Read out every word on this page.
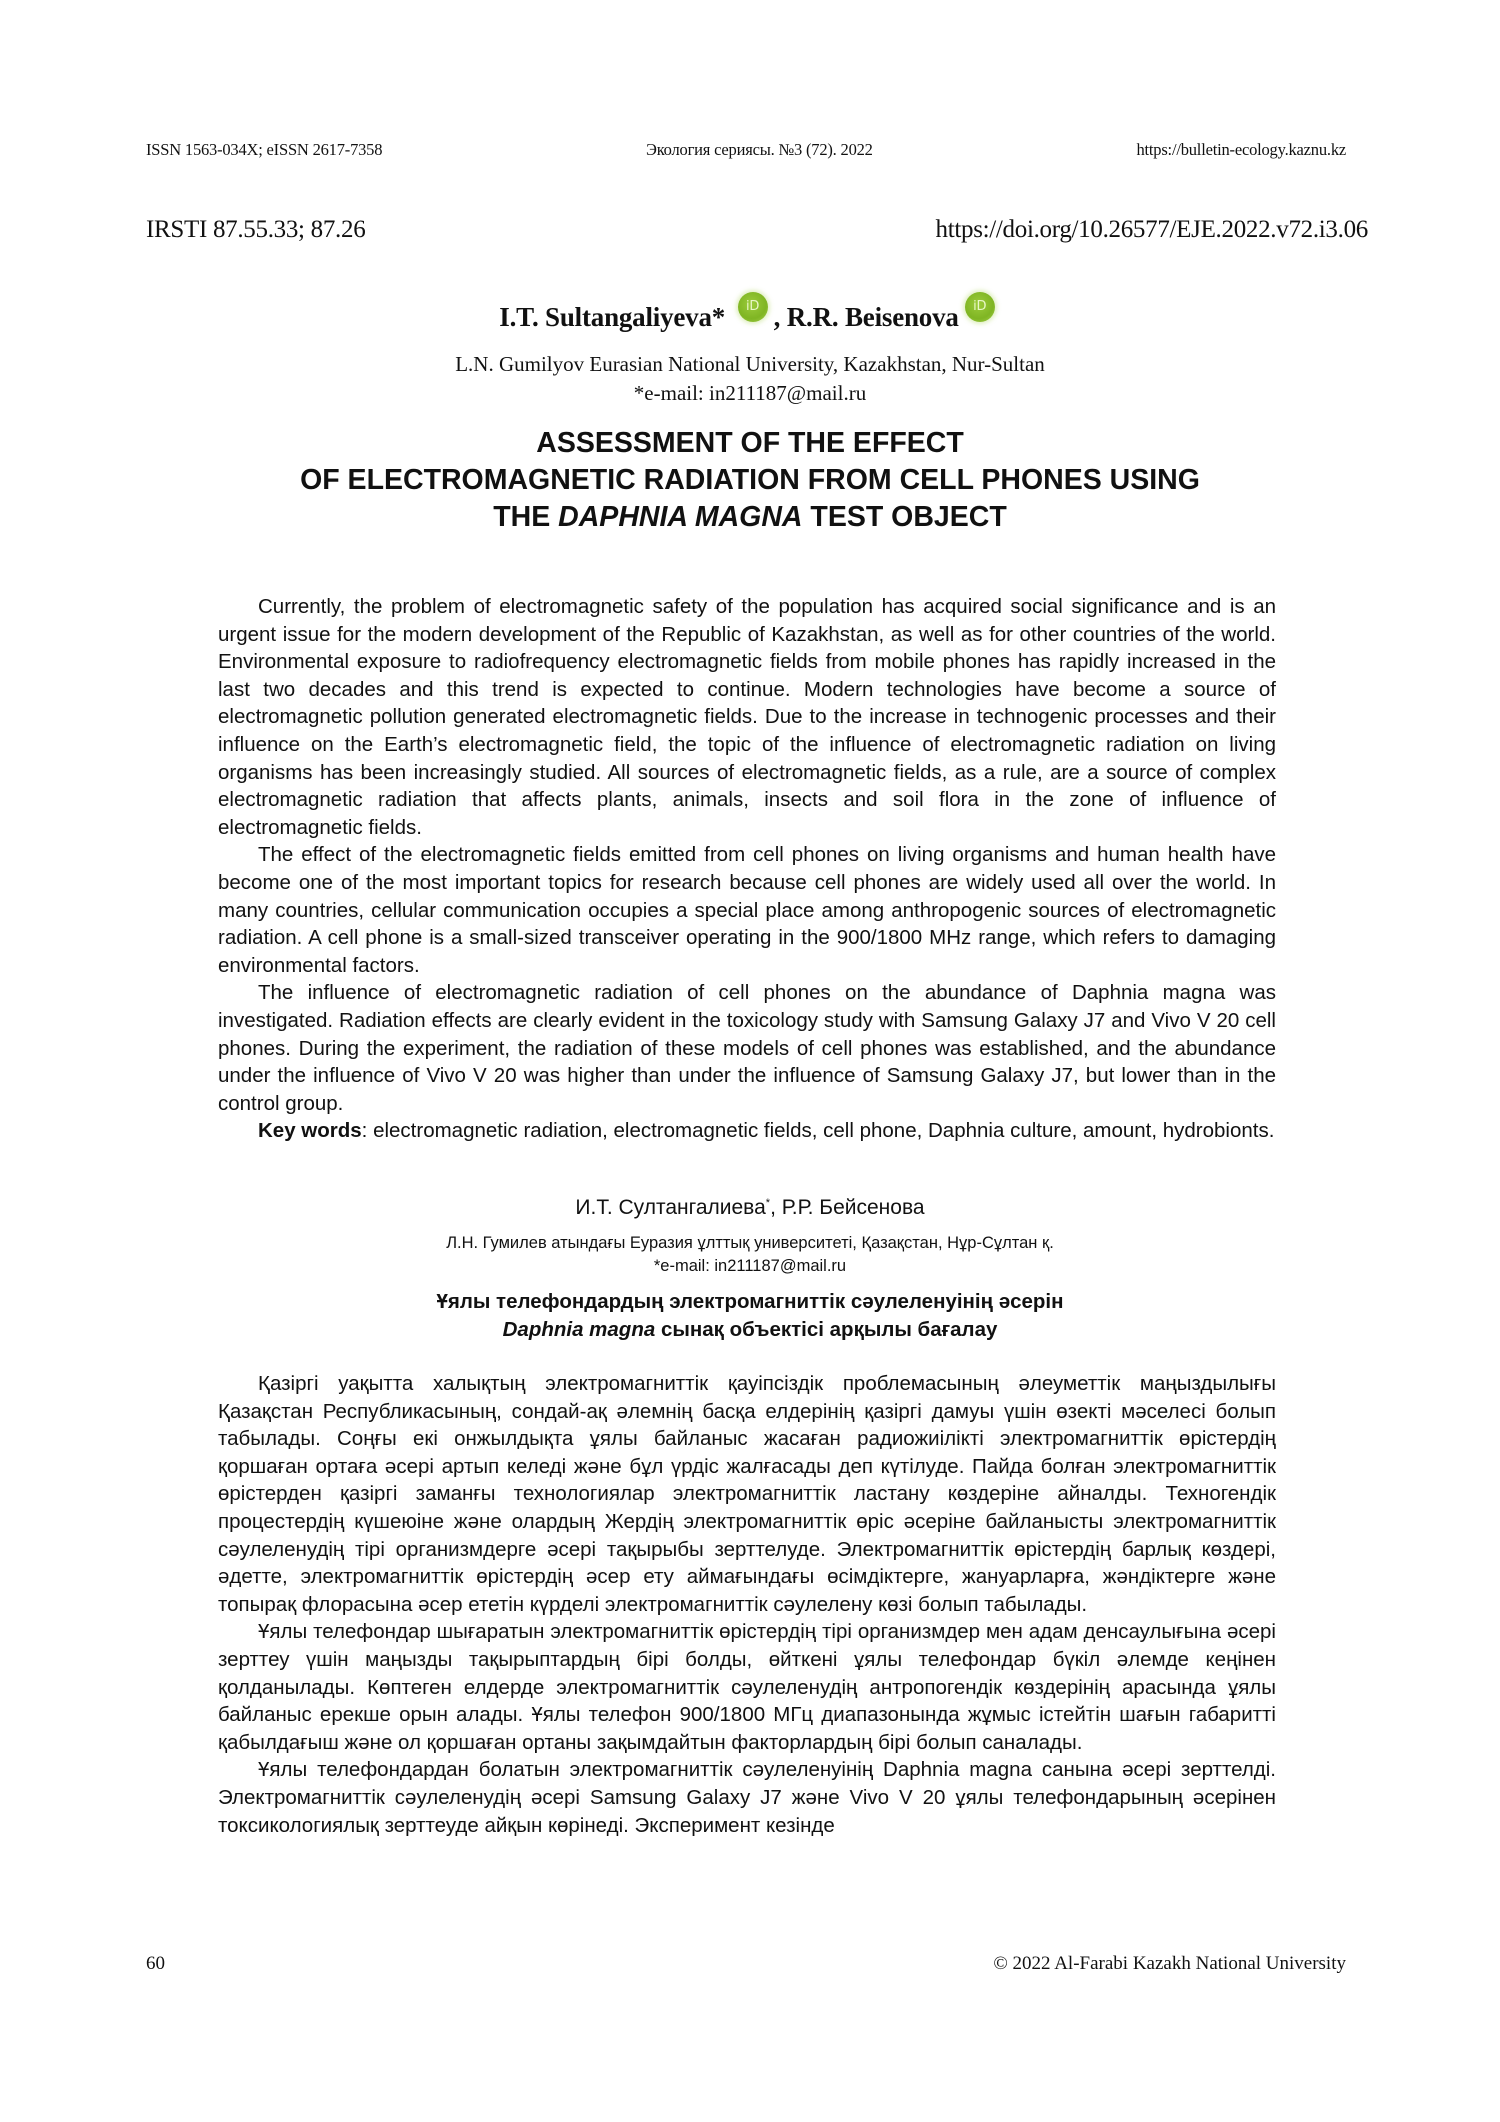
ISSN 1563-034X; eISSN 2617-7358	Экология сериясы. №3 (72). 2022	https://bulletin-ecology.kaznu.kz
IRSTI 87.55.33; 87.26	https://doi.org/10.26577/EJE.2022.v72.i3.06
I.T. Sultangaliyeva* iD , R.R. Beisenova iD
L.N. Gumilyov Eurasian National University, Kazakhstan, Nur-Sultan
*e-mail: in211187@mail.ru
ASSESSMENT OF THE EFFECT
OF ELECTROMAGNETIC RADIATION FROM CELL PHONES USING
THE DAPHNIA MAGNA TEST OBJECT

Currently, the problem of electromagnetic safety of the population has acquired social significance and is an urgent issue for the modern development of the Republic of Kazakhstan, as well as for other countries of the world. Environmental exposure to radiofrequency electromagnetic fields from mobile phones has rapidly increased in the last two decades and this trend is expected to continue. Modern technologies have become a source of electromagnetic pollution generated electromagnetic fields. Due to the increase in technogenic processes and their influence on the Earth’s electromagnetic field, the topic of the influence of electromagnetic radiation on living organisms has been increasingly studied. All sources of electromagnetic fields, as a rule, are a source of complex electromagnetic radiation that affects plants, animals, insects and soil flora in the zone of influence of electromagnetic fields.

The effect of the electromagnetic fields emitted from cell phones on living organisms and human health have become one of the most important topics for research because cell phones are widely used all over the world. In many countries, cellular communication occupies a special place among anthropogenic sources of electromagnetic radiation. A cell phone is a small-sized transceiver operating in the 900/1800 MHz range, which refers to damaging environmental factors.

The influence of electromagnetic radiation of cell phones on the abundance of Daphnia magna was investigated. Radiation effects are clearly evident in the toxicology study with Samsung Galaxy J7 and Vivo V 20 cell phones. During the experiment, the radiation of these models of cell phones was established, and the abundance under the influence of Vivo V 20 was higher than under the influence of Samsung Galaxy J7, but lower than in the control group.

Key words: electromagnetic radiation, electromagnetic fields, cell phone, Daphnia culture, amount, hydrobionts.

И.Т. Султангалиева*, Р.Р. Бейсенова
Л.Н. Гумилев атындағы Еуразия ұлттық университеті, Қазақстан, Нұр-Сұлтан қ.
*e-mail: in211187@mail.ru
Ұялы телефондардың электромагниттік сәулеленуінің әсерін
Daphnia magna сынақ объектісі арқылы бағалау

Қазіргі уақытта халықтың электромагниттік қауіпсіздік проблемасының әлеуметтік маңыздылығы Қазақстан Республикасының, сондай-ақ әлемнің басқа елдерінің қазіргі дамуы үшін өзекті мәселесі болып табылады. Соңғы екі онжылдықта ұялы байланыс жасаған радиожиілікті электромагниттік өрістердің қоршаған ортаға әсері артып келеді және бұл үрдіс жалғасады деп күтілуде. Пайда болған электромагниттік өрістерден қазіргі заманғы технологиялар электромагниттік ластану көздеріне айналды. Техногендік процестердің күшеюіне және олардың Жердің электромагниттік өріс әсеріне байланысты электромагниттік сәулеленудің тірі организмдерге әсері тақырыбы зерттелуде. Электромагниттік өрістердің барлық көздері, әдетте, электромагниттік өрістердің әсер ету аймағындағы өсімдіктерге, жануарларға, жәндіктерге және топырақ флорасына әсер ететін күрделі электромагниттік сәулелену көзі болып табылады.

Ұялы телефондар шығаратын электромагниттік өрістердің тірі организмдер мен адам денсаулығына әсері зерттеу үшін маңызды тақырыптардың бірі болды, өйткені ұялы телефондар бүкіл әлемде кеңінен қолданылады. Көптеген елдерде электромагниттік сәулеленудің антропогендік көздерінің арасында ұялы байланыс ерекше орын алады. Ұялы телефон 900/1800 МГц диапазонында жұмыс істейтін шағын габаритті қабылдағыш және ол қоршаған ортаны зақымдайтын факторлардың бірі болып саналады.

Ұялы телефондардан болатын электромагниттік сәулеленуінің Daphnia magna санына әсері зерттелді. Электромагниттік сәулеленудің әсері Samsung Galaxy J7 және Vivo V 20 ұялы телефондарының әсерінен токсикологиялық зерттеуде айқын көрінеді. Эксперимент кезінде

60	© 2022 Al-Farabi Kazakh National University
